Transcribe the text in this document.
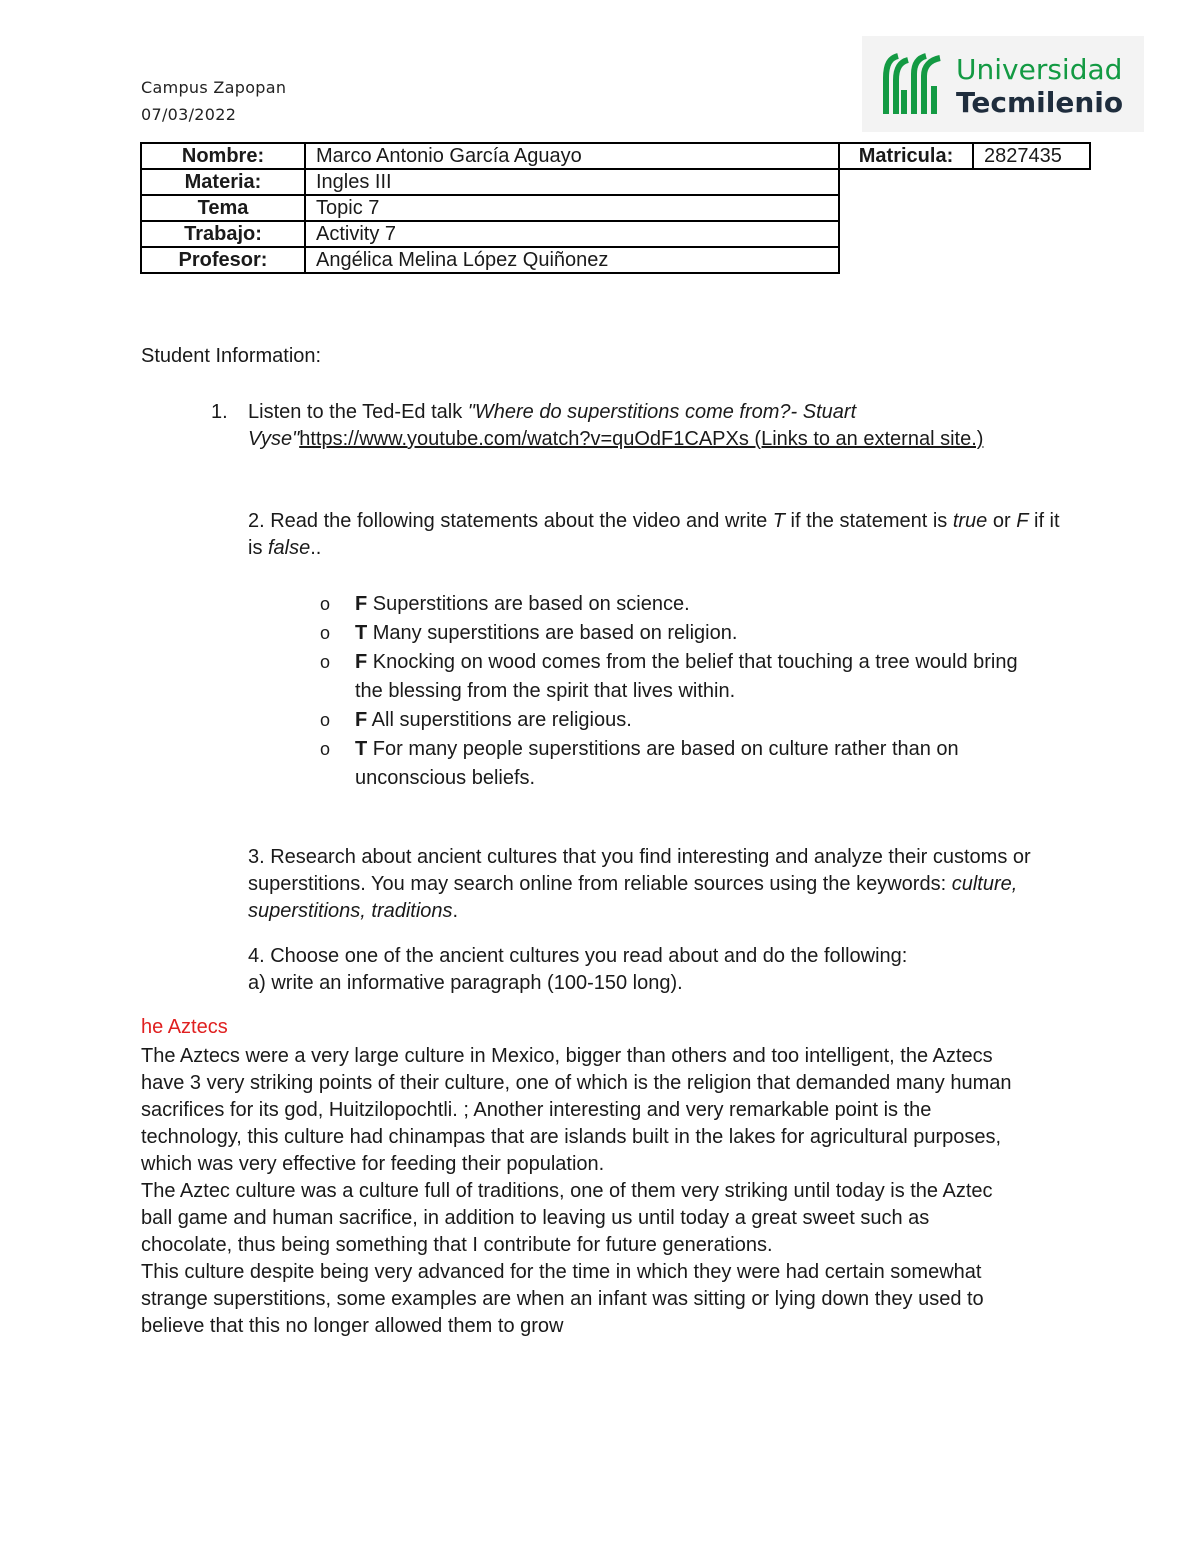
Campus Zapopan
07/03/2022
Universidad
Tecmilenio
Nombre:	Marco Antonio García Aguayo	Matricula:	2827435
Materia:	Ingles III		
Tema	Topic 7		
Trabajo:	Activity 7		
Profesor:	Angélica Melina López Quiñonez		
Student Information:
1. Listen to the Ted-Ed talk "Where do superstitions come from?- Stuart Vyse"https://www.youtube.com/watch?v=quOdF1CAPXs (Links to an external site.)
2. Read the following statements about the video and write T if the statement is true or F if it is false..
o F Superstitions are based on science.
o T Many superstitions are based on religion.
o F Knocking on wood comes from the belief that touching a tree would bring the blessing from the spirit that lives within.
o F All superstitions are religious.
o T For many people superstitions are based on culture rather than on unconscious beliefs.
3. Research about ancient cultures that you find interesting and analyze their customs or superstitions. You may search online from reliable sources using the keywords: culture, superstitions, traditions.
4. Choose one of the ancient cultures you read about and do the following:
a) write an informative paragraph (100-150 long).
he Aztecs

The Aztecs were a very large culture in Mexico, bigger than others and too intelligent, the Aztecs have 3 very striking points of their culture, one of which is the religion that demanded many human sacrifices for its god, Huitzilopochtli. ; Another interesting and very remarkable point is the technology, this culture had chinampas that are islands built in the lakes for agricultural purposes, which was very effective for feeding their population.

The Aztec culture was a culture full of traditions, one of them very striking until today is the Aztec ball game and human sacrifice, in addition to leaving us until today a great sweet such as chocolate, thus being something that I contribute for future generations.

This culture despite being very advanced for the time in which they were had certain somewhat strange superstitions, some examples are when an infant was sitting or lying down they used to believe that this no longer allowed them to grow
